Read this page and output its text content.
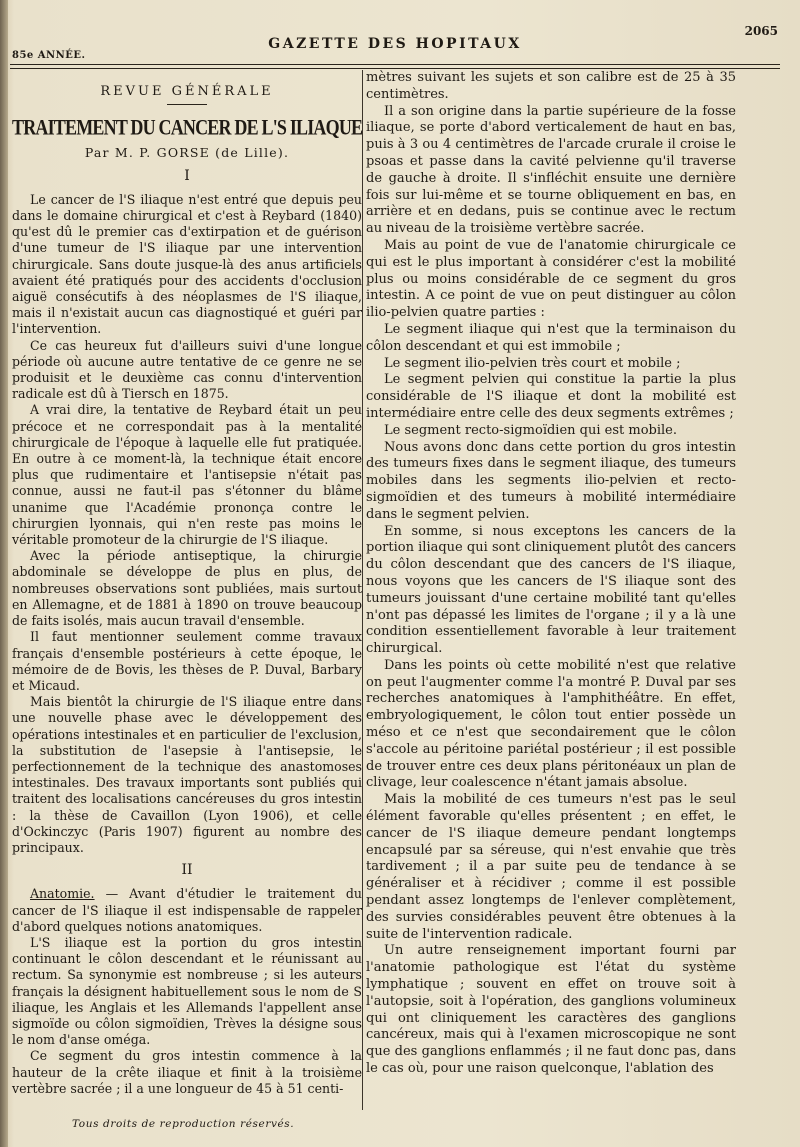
85e ANNÉE.
GAZETTE DES HOPITAUX
2065
REVUE GÉNÉRALE
TRAITEMENT DU CANCER DE L'S ILIAQUE
Par M. P. GORSE (de Lille).
I

Le cancer de l'S iliaque n'est entré que depuis peu dans le domaine chirurgical et c'est à Reybard (1840) qu'est dû le premier cas d'extirpation et de guérison d'une tumeur de l'S iliaque par une intervention chirurgicale. Sans doute jusque-là des anus artificiels avaient été pratiqués pour des accidents d'occlusion aiguë consécutifs à des néoplasmes de l'S iliaque, mais il n'existait aucun cas diagnostiqué et guéri par l'intervention.

Ce cas heureux fut d'ailleurs suivi d'une longue période où aucune autre tentative de ce genre ne se produisit et le deuxième cas connu d'intervention radicale est dû à Tiersch en 1875.

A vrai dire, la tentative de Reybard était un peu précoce et ne correspondait pas à la mentalité chirurgicale de l'époque à laquelle elle fut pratiquée. En outre à ce moment-là, la technique était encore plus que rudimentaire et l'antisepsie n'était pas connue, aussi ne faut-il pas s'étonner du blâme unanime que l'Académie prononça contre le chirurgien lyonnais, qui n'en reste pas moins le véritable promoteur de la chirurgie de l'S iliaque.

Avec la période antiseptique, la chirurgie abdominale se développe de plus en plus, de nombreuses observations sont publiées, mais surtout en Allemagne, et de 1881 à 1890 on trouve beaucoup de faits isolés, mais aucun travail d'ensemble.

Il faut mentionner seulement comme travaux français d'ensemble postérieurs à cette époque, le mémoire de de Bovis, les thèses de P. Duval, Barbary et Micaud.

Mais bientôt la chirurgie de l'S iliaque entre dans une nouvelle phase avec le développement des opérations intestinales et en particulier de l'exclusion, la substitution de l'asepsie à l'antisepsie, le perfectionnement de la technique des anastomoses intestinales. Des travaux importants sont publiés qui traitent des localisations cancéreuses du gros intestin : la thèse de Cavaillon (Lyon 1906), et celle d'Ockinczyc (Paris 1907) figurent au nombre des principaux.

II

Anatomie. — Avant d'étudier le traitement du cancer de l'S iliaque il est indispensable de rappeler d'abord quelques notions anatomiques.

L'S iliaque est la portion du gros intestin continuant le côlon descendant et le réunissant au rectum. Sa synonymie est nombreuse ; si les auteurs français la désignent habituellement sous le nom de S iliaque, les Anglais et les Allemands l'appellent anse sigmoïde ou côlon sigmoïdien, Trèves la désigne sous le nom d'anse oméga.

Ce segment du gros intestin commence à la hauteur de la crête iliaque et finit à la troisième vertèbre sacrée ; il a une longueur de 45 à 51 centi-

mètres suivant les sujets et son calibre est de 25 à 35 centimètres.

Il a son origine dans la partie supérieure de la fosse iliaque, se porte d'abord verticalement de haut en bas, puis à 3 ou 4 centimètres de l'arcade crurale il croise le psoas et passe dans la cavité pelvienne qu'il traverse de gauche à droite. Il s'infléchit ensuite une dernière fois sur lui-même et se tourne obliquement en bas, en arrière et en dedans, puis se continue avec le rectum au niveau de la troisième vertèbre sacrée.

Mais au point de vue de l'anatomie chirurgicale ce qui est le plus important à considérer c'est la mobilité plus ou moins considérable de ce segment du gros intestin. A ce point de vue on peut distinguer au côlon ilio-pelvien quatre parties :

Le segment iliaque qui n'est que la terminaison du côlon descendant et qui est immobile ;

Le segment ilio-pelvien très court et mobile ;

Le segment pelvien qui constitue la partie la plus considérable de l'S iliaque et dont la mobilité est intermédiaire entre celle des deux segments extrêmes ;

Le segment recto-sigmoïdien qui est mobile.

Nous avons donc dans cette portion du gros intestin des tumeurs fixes dans le segment iliaque, des tumeurs mobiles dans les segments ilio-pelvien et recto-sigmoïdien et des tumeurs à mobilité intermédiaire dans le segment pelvien.

En somme, si nous exceptons les cancers de la portion iliaque qui sont cliniquement plutôt des cancers du côlon descendant que des cancers de l'S iliaque, nous voyons que les cancers de l'S iliaque sont des tumeurs jouissant d'une certaine mobilité tant qu'elles n'ont pas dépassé les limites de l'organe ; il y a là une condition essentiellement favorable à leur traitement chirurgical.

Dans les points où cette mobilité n'est que relative on peut l'augmenter comme l'a montré P. Duval par ses recherches anatomiques à l'amphithéâtre. En effet, embryologiquement, le côlon tout entier possède un méso et ce n'est que secondairement que le côlon s'accole au péritoine pariétal postérieur ; il est possible de trouver entre ces deux plans péritonéaux un plan de clivage, leur coalescence n'étant jamais absolue.

Mais la mobilité de ces tumeurs n'est pas le seul élément favorable qu'elles présentent ; en effet, le cancer de l'S iliaque demeure pendant longtemps encapsulé par sa séreuse, qui n'est envahie que très tardivement ; il a par suite peu de tendance à se généraliser et à récidiver ; comme il est possible pendant assez longtemps de l'enlever complètement, des survies considérables peuvent être obtenues à la suite de l'intervention radicale.

Un autre renseignement important fourni par l'anatomie pathologique est l'état du système lymphatique ; souvent en effet on trouve soit à l'autopsie, soit à l'opération, des ganglions volumineux qui ont cliniquement les caractères des ganglions cancéreux, mais qui à l'examen microscopique ne sont que des ganglions enflammés ; il ne faut donc pas, dans le cas où, pour une raison quelconque, l'ablation des

Tous droits de reproduction réservés.
